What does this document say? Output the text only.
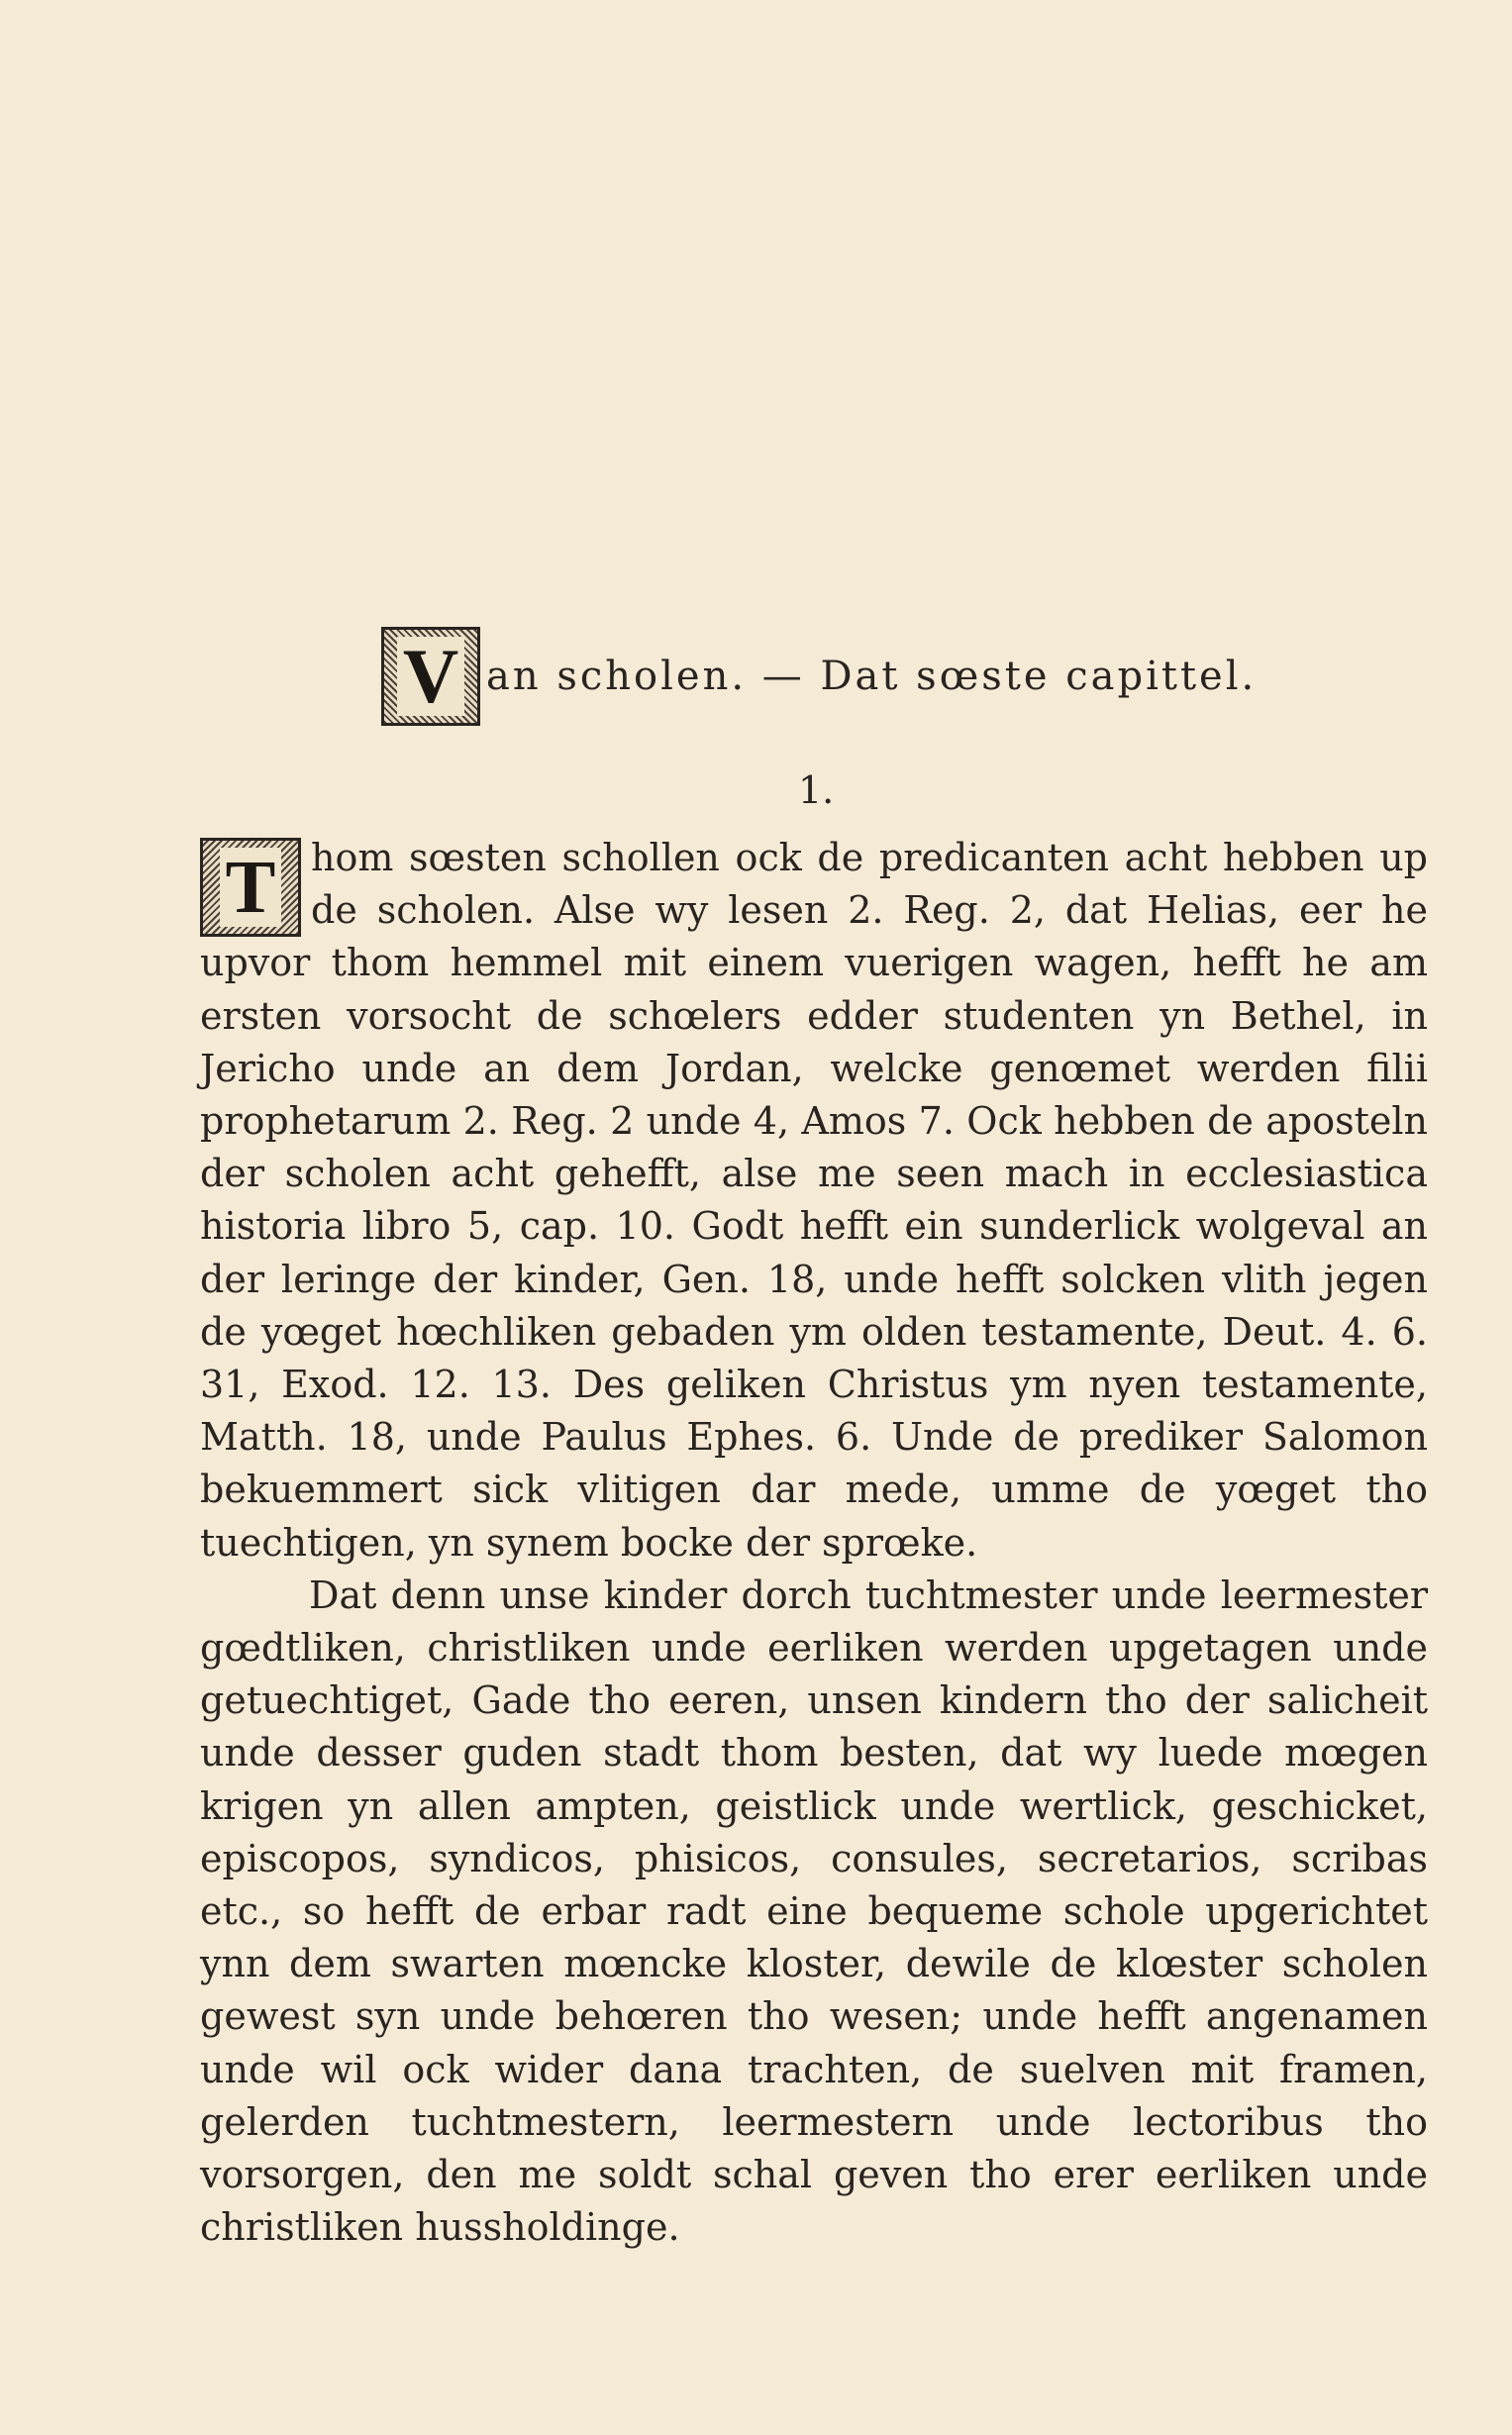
V an scholen. — Dat sœste capittel.
1.

T hom sœsten schollen ock de predicanten acht hebben up de scholen. Alse wy lesen 2. Reg. 2, dat Helias, eer he upvor thom hemmel mit einem vuerigen wagen, hefft he am ersten vorsocht de schœlers edder studenten yn Bethel, in Jericho unde an dem Jordan, welcke genœmet werden filii prophetarum 2. Reg. 2 unde 4, Amos 7. Ock hebben de aposteln der scholen acht gehefft, alse me seen mach in ecclesiastica historia libro 5, cap. 10. Godt hefft ein sunderlick wolgeval an der leringe der kinder, Gen. 18, unde hefft solcken vlith jegen de yœget hœchliken gebaden ym olden testamente, Deut. 4. 6. 31, Exod. 12. 13. Des geliken Christus ym nyen testamente, Matth. 18, unde Paulus Ephes. 6. Unde de prediker Salomon bekuemmert sick vlitigen dar mede, umme de yœget tho tuechtigen, yn synem bocke der sprœke.

Dat denn unse kinder dorch tuchtmester unde leermester gœdtliken, christliken unde eerliken werden upgetagen unde getuechtiget, Gade tho eeren, unsen kindern tho der salicheit unde desser guden stadt thom besten, dat wy luede mœgen krigen yn allen ampten, geistlick unde wertlick, geschicket, episcopos, syndicos, phisicos, consules, secretarios, scribas etc., so hefft de erbar radt eine bequeme schole upgerichtet ynn dem swarten mœncke kloster, dewile de klœster scholen gewest syn unde behœren tho wesen; unde hefft angenamen unde wil ock wider dana trachten, de suelven mit framen, gelerden tuchtmestern, leermestern unde lectoribus tho vorsorgen, den me soldt schal geven tho erer eerliken unde christliken hussholdinge.
